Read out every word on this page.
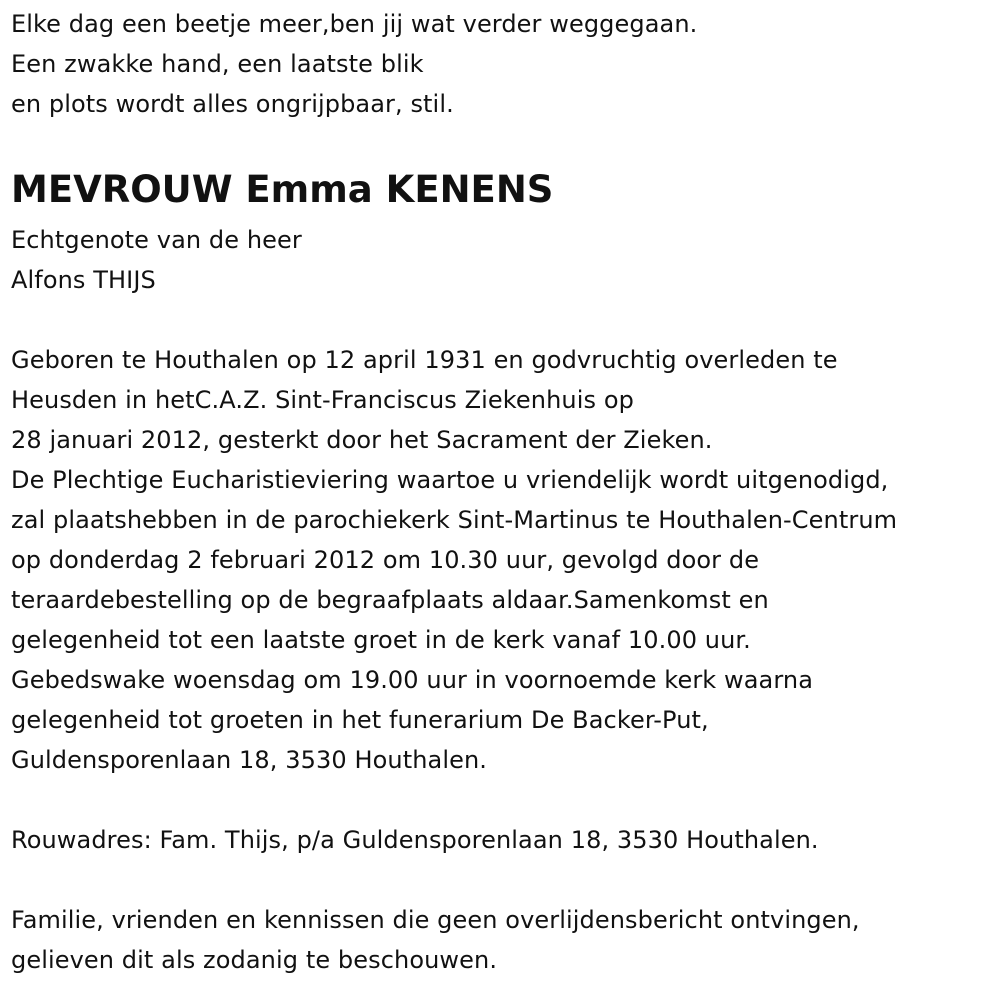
Elke dag een beetje meer,ben jij wat verder weggegaan.
Een zwakke hand, een laatste blik
en plots wordt alles ongrijpbaar, stil.
MEVROUW Emma KENENS
Echtgenote van de heer
Alfons THIJS
Geboren te Houthalen op 12 april 1931 en godvruchtig overleden te
Heusden in hetC.A.Z. Sint-Franciscus Ziekenhuis op
28 januari 2012, gesterkt door het Sacrament der Zieken.
De Plechtige Eucharistieviering waartoe u vriendelijk wordt uitgenodigd,
zal plaatshebben in de parochiekerk Sint-Martinus te Houthalen-Centrum
op donderdag 2 februari 2012 om 10.30 uur, gevolgd door de
teraardebestelling op de begraafplaats aldaar.Samenkomst en
gelegenheid tot een laatste groet in de kerk vanaf 10.00 uur.
Gebedswake woensdag om 19.00 uur in voornoemde kerk waarna
gelegenheid tot groeten in het funerarium De Backer-Put,
Guldensporenlaan 18, 3530 Houthalen.
Rouwadres: Fam. Thijs, p/a Guldensporenlaan 18, 3530 Houthalen.
Familie, vrienden en kennissen die geen overlijdensbericht ontvingen,
gelieven dit als zodanig te beschouwen.
